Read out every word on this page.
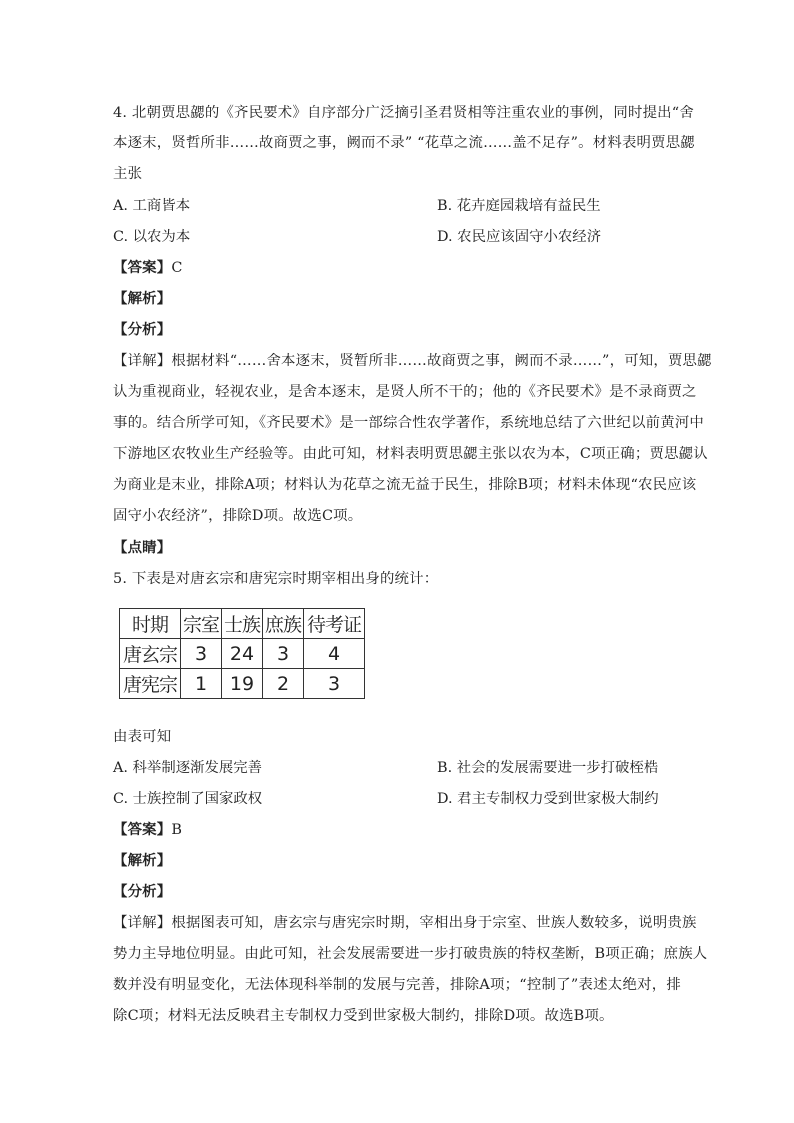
4. 北朝贾思勰的《齐民要术》自序部分广泛摘引圣君贤相等注重农业的事例，同时提出“舍
本逐末，贤哲所非……故商贾之事，阙而不录” “花草之流……盖不足存”。材料表明贾思勰
主张
A. 工商皆本	B. 花卉庭园栽培有益民生
C. 以农为本	D. 农民应该固守小农经济
【答案】C
【解析】
【分析】
【详解】根据材料“……舍本逐末，贤暂所非……故商贾之事，阙而不录……”，可知，贾思勰
认为重视商业，轻视农业，是舍本逐末，是贤人所不干的；他的《齐民要术》是不录商贾之
事的。结合所学可知，《齐民要术》是一部综合性农学著作，系统地总结了六世纪以前黄河中
下游地区农牧业生产经验等。由此可知，材料表明贾思勰主张以农为本，C项正确；贾思勰认
为商业是末业，排除A项；材料认为花草之流无益于民生，排除B项；材料未体现“农民应该
固守小农经济”，排除D项。故选C项。
【点睛】
5. 下表是对唐玄宗和唐宪宗时期宰相出身的统计：
时期	宗室	士族	庶族	待考证
唐玄宗	3	24	3	4
唐宪宗	1	19	2	3
由表可知
A. 科举制逐渐发展完善	B. 社会的发展需要进一步打破桎梏
C. 士族控制了国家政权	D. 君主专制权力受到世家极大制约
【答案】B
【解析】
【分析】
【详解】根据图表可知，唐玄宗与唐宪宗时期，宰相出身于宗室、世族人数较多，说明贵族
势力主导地位明显。由此可知，社会发展需要进一步打破贵族的特权垄断，B项正确；庶族人
数并没有明显变化，无法体现科举制的发展与完善，排除A项；“控制了”表述太绝对，排
除C项；材料无法反映君主专制权力受到世家极大制约，排除D项。故选B项。
